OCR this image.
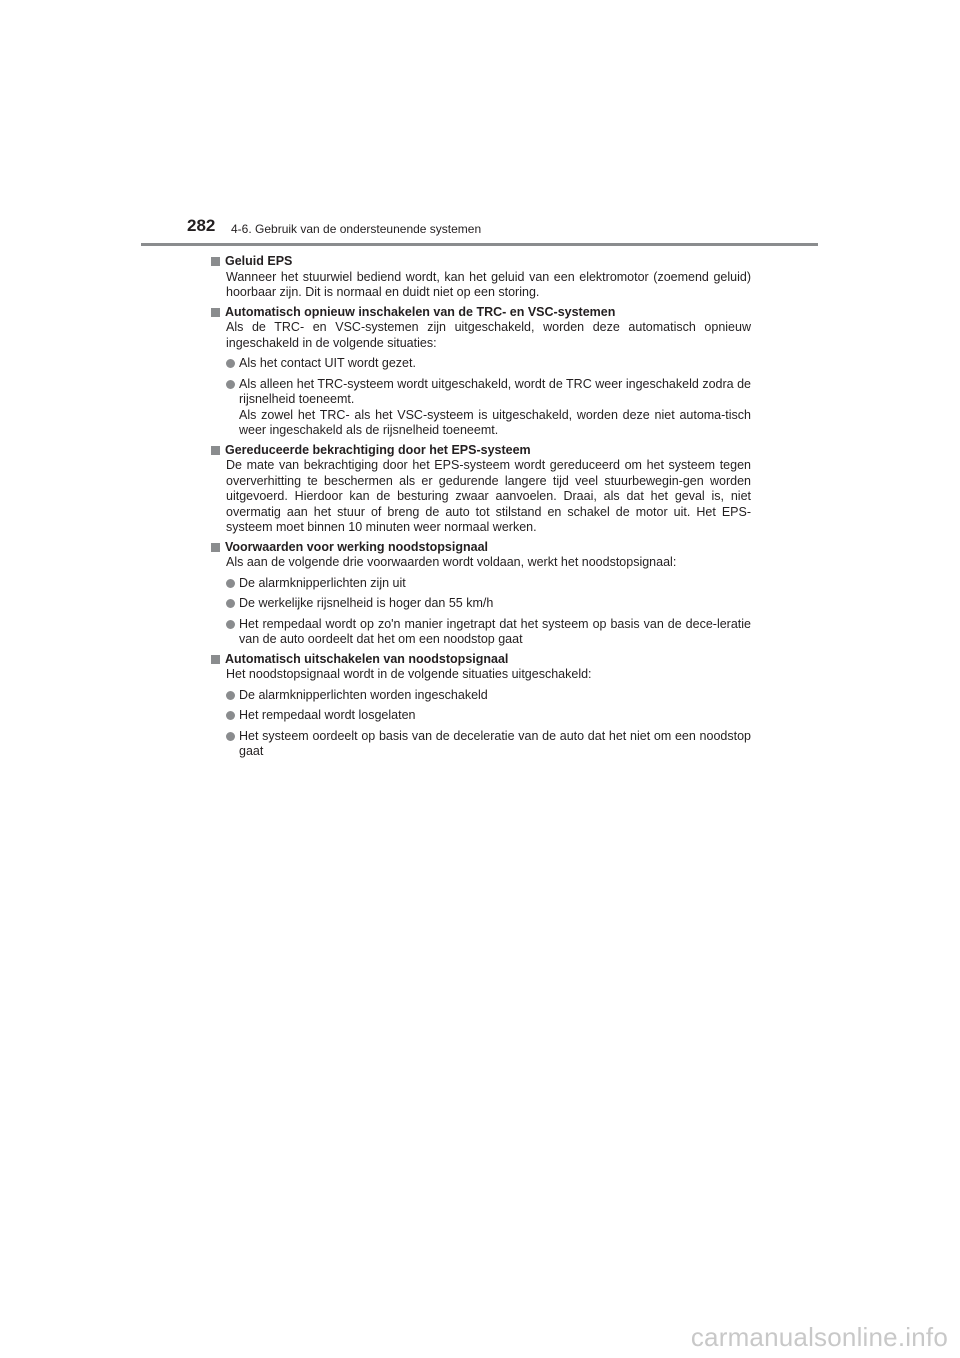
282 4-6. Gebruik van de ondersteunende systemen
Geluid EPS
Wanneer het stuurwiel bediend wordt, kan het geluid van een elektromotor (zoemend geluid) hoorbaar zijn. Dit is normaal en duidt niet op een storing.
Automatisch opnieuw inschakelen van de TRC- en VSC-systemen
Als de TRC- en VSC-systemen zijn uitgeschakeld, worden deze automatisch opnieuw ingeschakeld in de volgende situaties:
Als het contact UIT wordt gezet.
Als alleen het TRC-systeem wordt uitgeschakeld, wordt de TRC weer ingeschakeld zodra de rijsnelheid toeneemt.
Als zowel het TRC- als het VSC-systeem is uitgeschakeld, worden deze niet automa-tisch weer ingeschakeld als de rijsnelheid toeneemt.
Gereduceerde bekrachtiging door het EPS-systeem
De mate van bekrachtiging door het EPS-systeem wordt gereduceerd om het systeem tegen oververhitting te beschermen als er gedurende langere tijd veel stuurbewegin-gen worden uitgevoerd. Hierdoor kan de besturing zwaar aanvoelen. Draai, als dat het geval is, niet overmatig aan het stuur of breng de auto tot stilstand en schakel de motor uit. Het EPS-systeem moet binnen 10 minuten weer normaal werken.
Voorwaarden voor werking noodstopsignaal
Als aan de volgende drie voorwaarden wordt voldaan, werkt het noodstopsignaal:
De alarmknipperlichten zijn uit
De werkelijke rijsnelheid is hoger dan 55 km/h
Het rempedaal wordt op zo'n manier ingetrapt dat het systeem op basis van de dece-leratie van de auto oordeelt dat het om een noodstop gaat
Automatisch uitschakelen van noodstopsignaal
Het noodstopsignaal wordt in de volgende situaties uitgeschakeld:
De alarmknipperlichten worden ingeschakeld
Het rempedaal wordt losgelaten
Het systeem oordeelt op basis van de deceleratie van de auto dat het niet om een noodstop gaat
carmanualsonline.info
